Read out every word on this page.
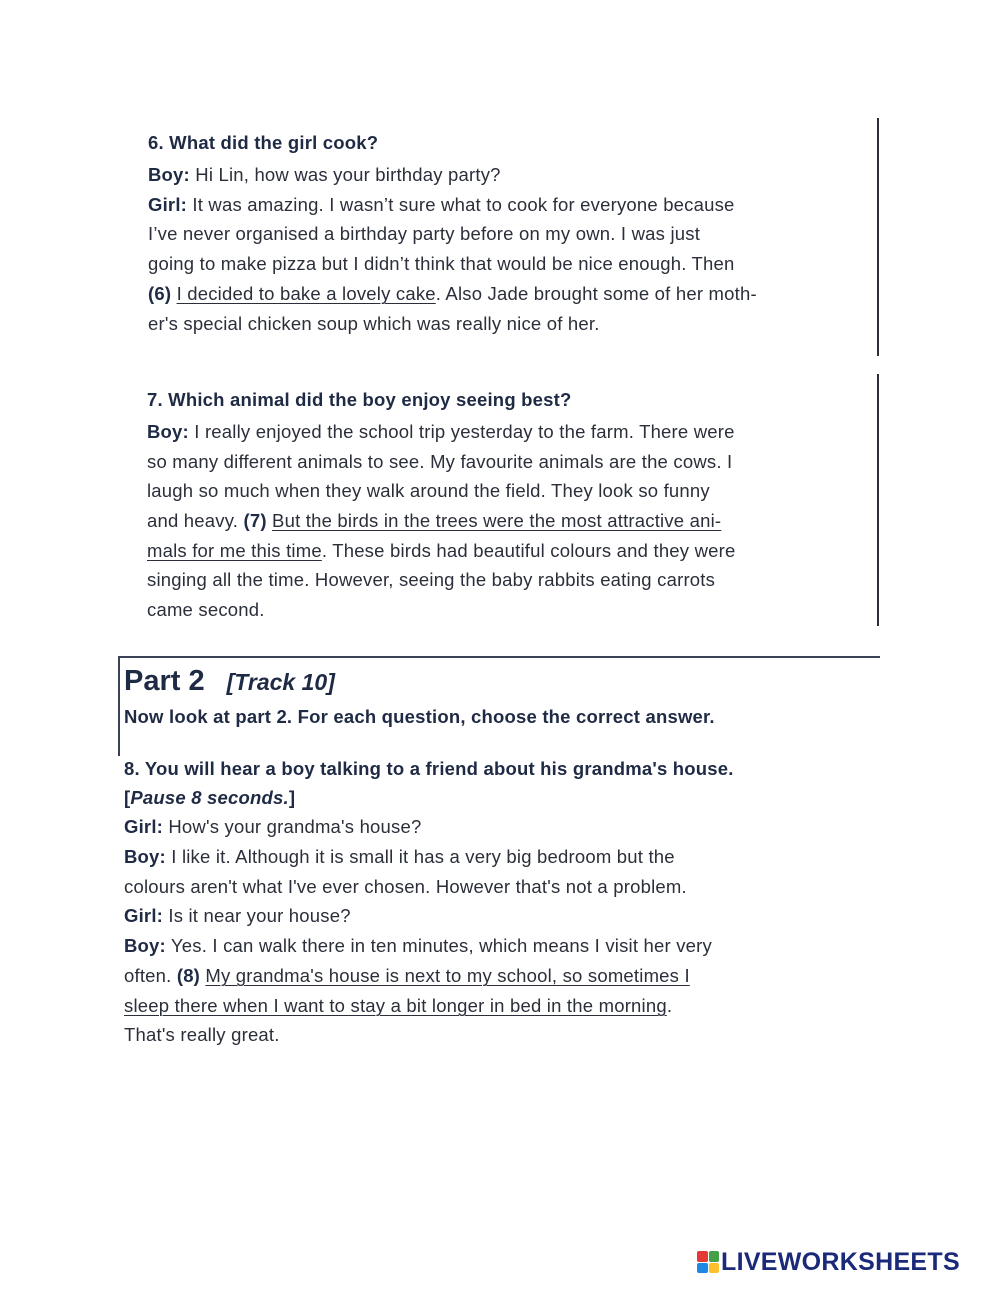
6. What did the girl cook?
Boy: Hi Lin, how was your birthday party?
Girl: It was amazing. I wasn’t sure what to cook for everyone because
I’ve never organised a birthday party before on my own. I was just
going to make pizza but I didn’t think that would be nice enough. Then
(6) I decided to bake a lovely cake. Also Jade brought some of her moth-
er's special chicken soup which was really nice of her.
7. Which animal did the boy enjoy seeing best?
Boy: I really enjoyed the school trip yesterday to the farm. There were
so many different animals to see. My favourite animals are the cows. I
laugh so much when they walk around the field. They look so funny
and heavy. (7) But the birds in the trees were the most attractive ani-
mals for me this time. These birds had beautiful colours and they were
singing all the time. However, seeing the baby rabbits eating carrots
came second.
Part 2 [Track 10]
Now look at part 2. For each question, choose the correct answer.
8. You will hear a boy talking to a friend about his grandma's house.
[Pause 8 seconds.]
Girl: How's your grandma's house?
Boy: I like it. Although it is small it has a very big bedroom but the
colours aren't what I've ever chosen. However that's not a problem.
Girl: Is it near your house?
Boy: Yes. I can walk there in ten minutes, which means I visit her very
often. (8) My grandma's house is next to my school, so sometimes I
sleep there when I want to stay a bit longer in bed in the morning.
That's really great.
LIVEWORKSHEETS
